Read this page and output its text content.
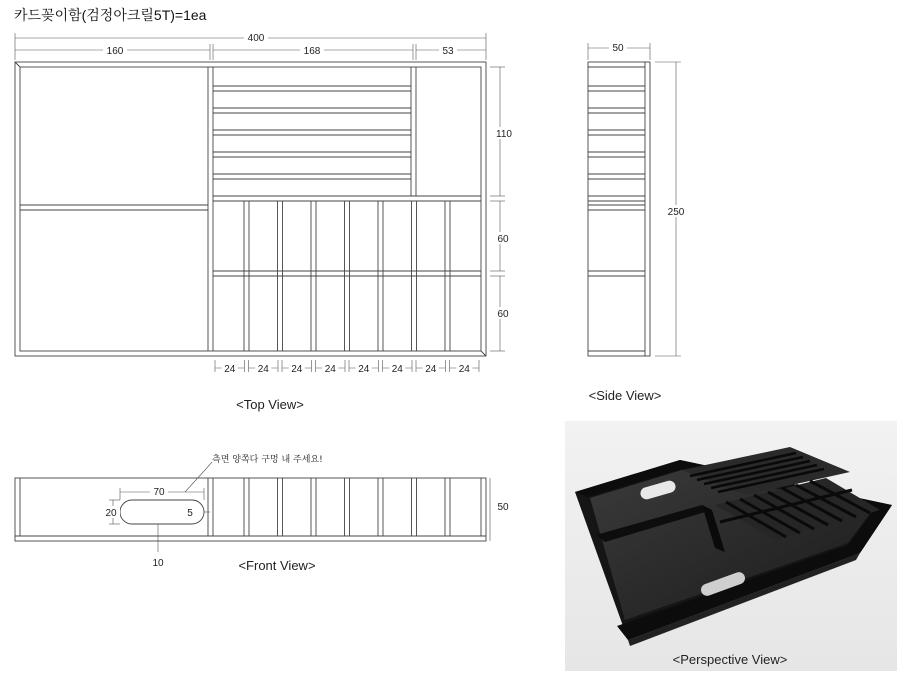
카드꽂이함(검정아크릴5T)=1ea
400
160	168	53
110
60
60
50
250
70
20	5
10
50
측면 양쪽다 구멍 내 주세요!
24 24 24 24 24 24 24 24
<Top View>
<Side View>
<Front View>
<Perspective View>
